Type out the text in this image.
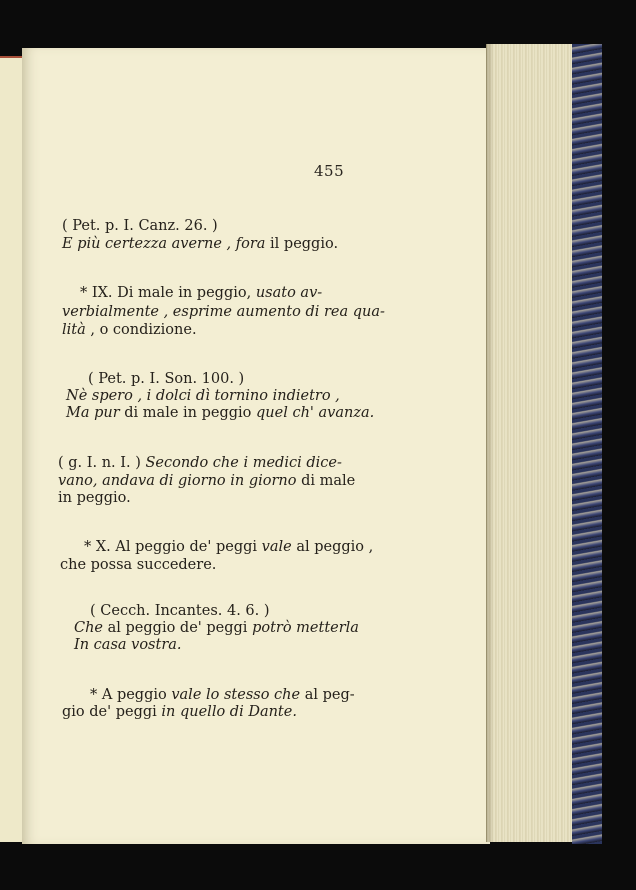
455
( Pet. p. I. Canz. 26. )
E più certezza averne , fora il peggio.
* IX. Di male in peggio, usato av-
verbialmente , esprime aumento di rea qua-
lità , o condizione.
( Pet. p. I. Son. 100. )
Nè spero , i dolci dì tornino indietro ,
Ma pur di male in peggio quel ch' avanza.
( g. I. n. I. ) Secondo che i medici dice-
vano, andava di giorno in giorno di male
in peggio.
* X. Al peggio de' peggi vale al peggio ,
che possa succedere.
( Cecch. Incantes. 4. 6. )
Che al peggio de' peggi potrò metterla
In casa vostra.
* A peggio vale lo stesso che al peg-
gio de' peggi in quello di Dante.
